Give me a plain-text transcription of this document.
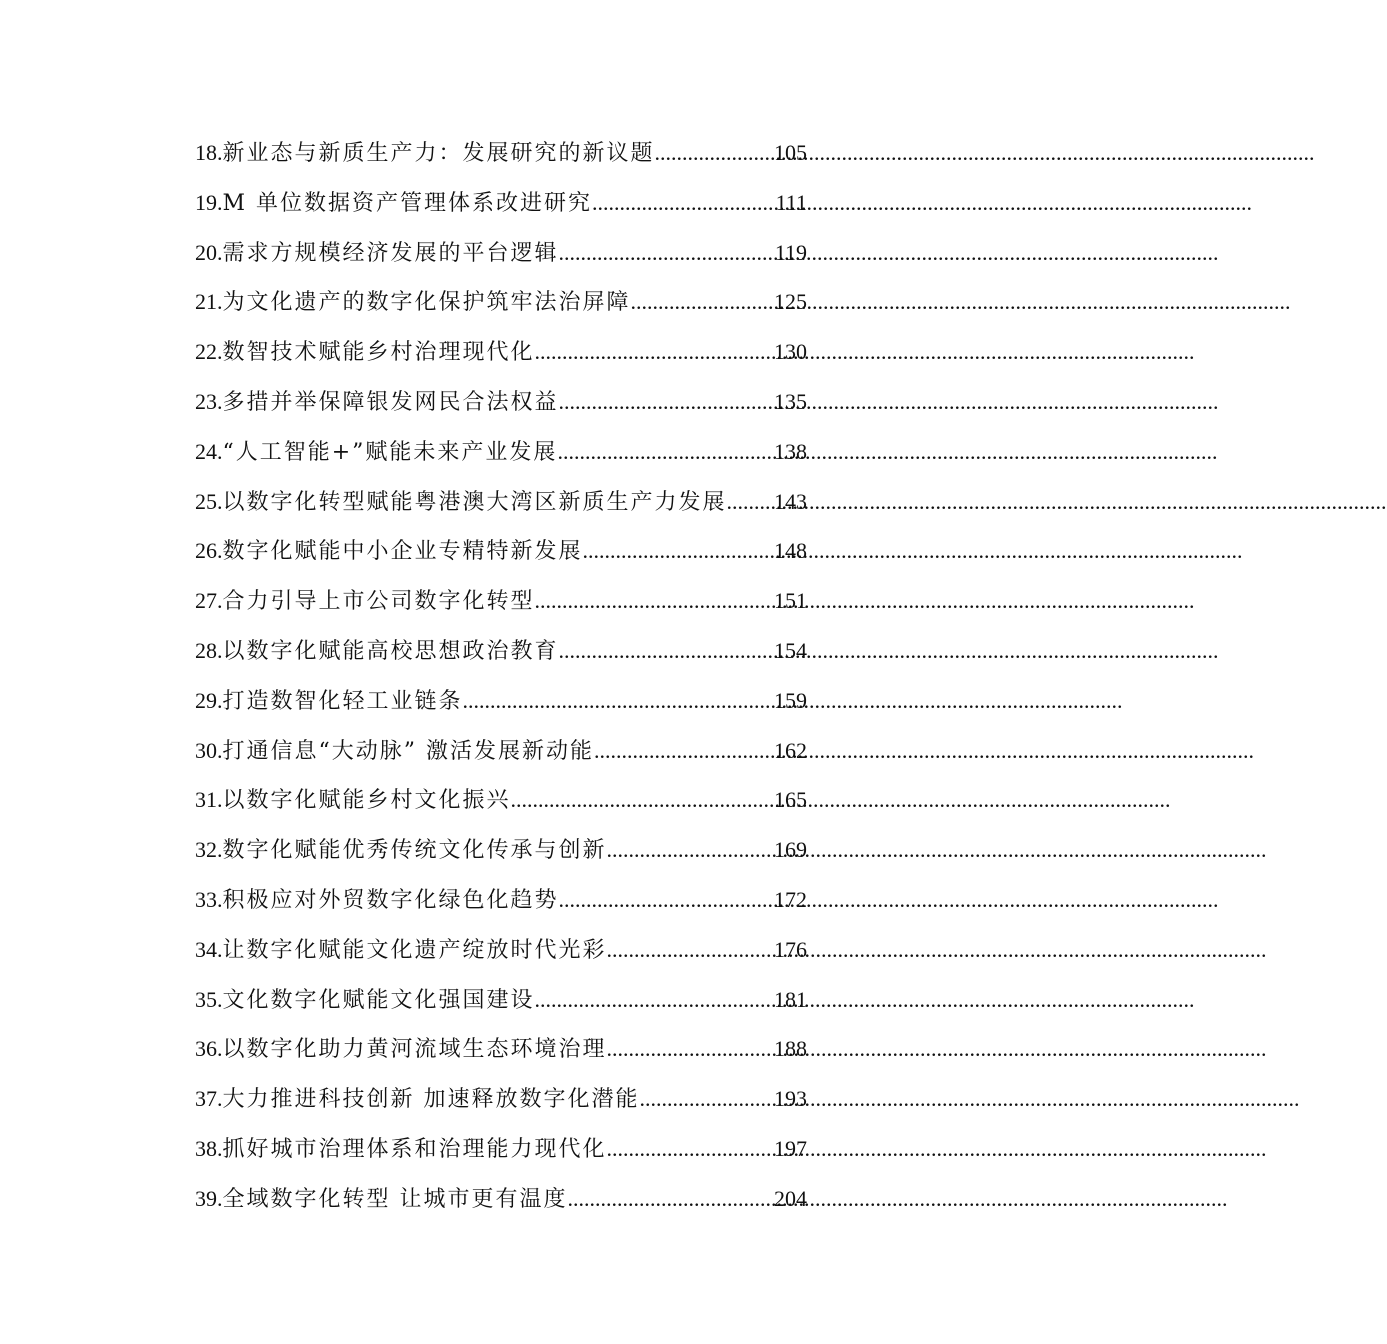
18. 新业态与新质生产力：发展研究的新议题 .....	105
19. M 单位数据资产管理体系改进研究 .....	111
20. 需求方规模经济发展的平台逻辑 .....	119
21. 为文化遗产的数字化保护筑牢法治屏障 .....	125
22. 数智技术赋能乡村治理现代化 .....	130
23. 多措并举保障银发网民合法权益 .....	135
24. “人工智能+”赋能未来产业发展 .....	138
25. 以数字化转型赋能粤港澳大湾区新质生产力发展 ..... 143
26. 数字化赋能中小企业专精特新发展 .....	148
27. 合力引导上市公司数字化转型 .....	151
28. 以数字化赋能高校思想政治教育 .....	154
29. 打造数智化轻工业链条 .....	159
30. 打通信息“大动脉” 激活发展新动能 .....	162
31. 以数字化赋能乡村文化振兴 .....	165
32. 数字化赋能优秀传统文化传承与创新 .....	169
33. 积极应对外贸数字化绿色化趋势 .....	172
34. 让数字化赋能文化遗产绽放时代光彩 .....	176
35. 文化数字化赋能文化强国建设 .....	181
36. 以数字化助力黄河流域生态环境治理 .....	188
37. 大力推进科技创新 加速释放数字化潜能 .....	193
38. 抓好城市治理体系和治理能力现代化 .....	197
39. 全域数字化转型 让城市更有温度 .....	204
